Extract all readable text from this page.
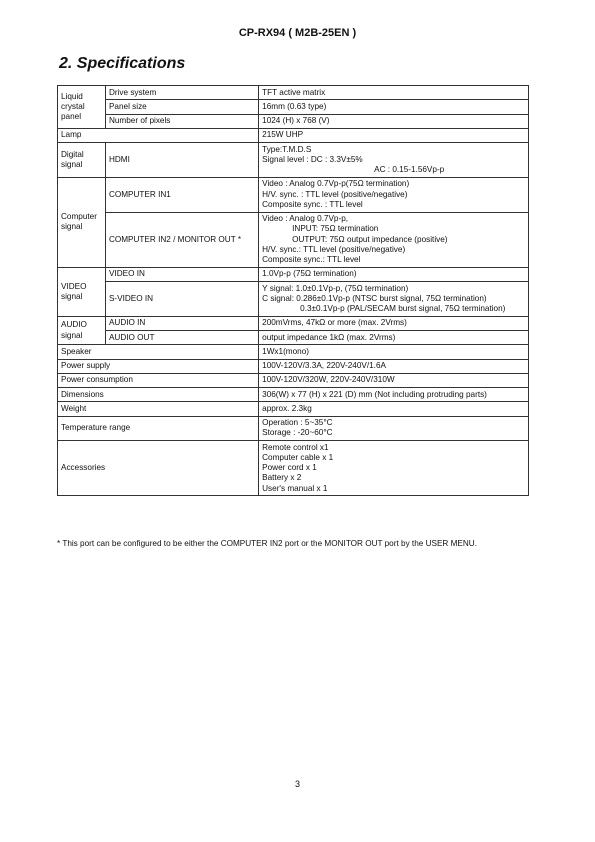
CP-RX94 ( M2B-25EN )
2. Specifications
Liquid crystal panel	Drive system	TFT active matrix
	Panel size	16mm (0.63 type)
	Number of pixels	1024 (H) x 768 (V)
Lamp		215W UHP
Digital signal	HDMI	Type:T.M.D.S
Signal level : DC : 3.3V±5%
AC : 0.15-1.56Vp-p

Computer signal	COMPUTER IN1	Video : Analog 0.7Vp-p(75Ω termination)
H/V. sync. : TTL level (positive/negative)
Composite sync. : TTL level

	COMPUTER IN2 / MONITOR OUT *	Video : Analog 0.7Vp-p,
INPUT: 75Ω termination
OUTPUT: 75Ω output impedance (positive)
H/V. sync.: TTL level (positive/negative)
Composite sync.: TTL level

VIDEO signal	VIDEO IN	1.0Vp-p (75Ω termination)
	S-VIDEO IN	Y signal: 1.0±0.1Vp-p, (75Ω termination)
C signal: 0.286±0.1Vp-p (NTSC burst signal, 75Ω termination)
0.3±0.1Vp-p (PAL/SECAM burst signal, 75Ω termination)

AUDIO signal	AUDIO IN	200mVrms, 47kΩ or more (max. 2Vrms)
	AUDIO OUT	output impedance 1kΩ (max. 2Vrms)
Speaker		1Wx1(mono)
Power supply		100V-120V/3.3A, 220V-240V/1.6A
Power consumption		100V-120V/320W, 220V-240V/310W
Dimensions		306(W) x 77 (H) x 221 (D) mm (Not including protruding parts)
Weight		approx. 2.3kg
Temperature range		Operation : 5~35°C
Storage : -20~60°C

Accessories		Remote control x1
Computer cable x 1
Power cord x 1
Battery x 2
User's manual x 1
* This port can be configured to be either the COMPUTER IN2 port or the MONITOR OUT port by the USER MENU.
3
